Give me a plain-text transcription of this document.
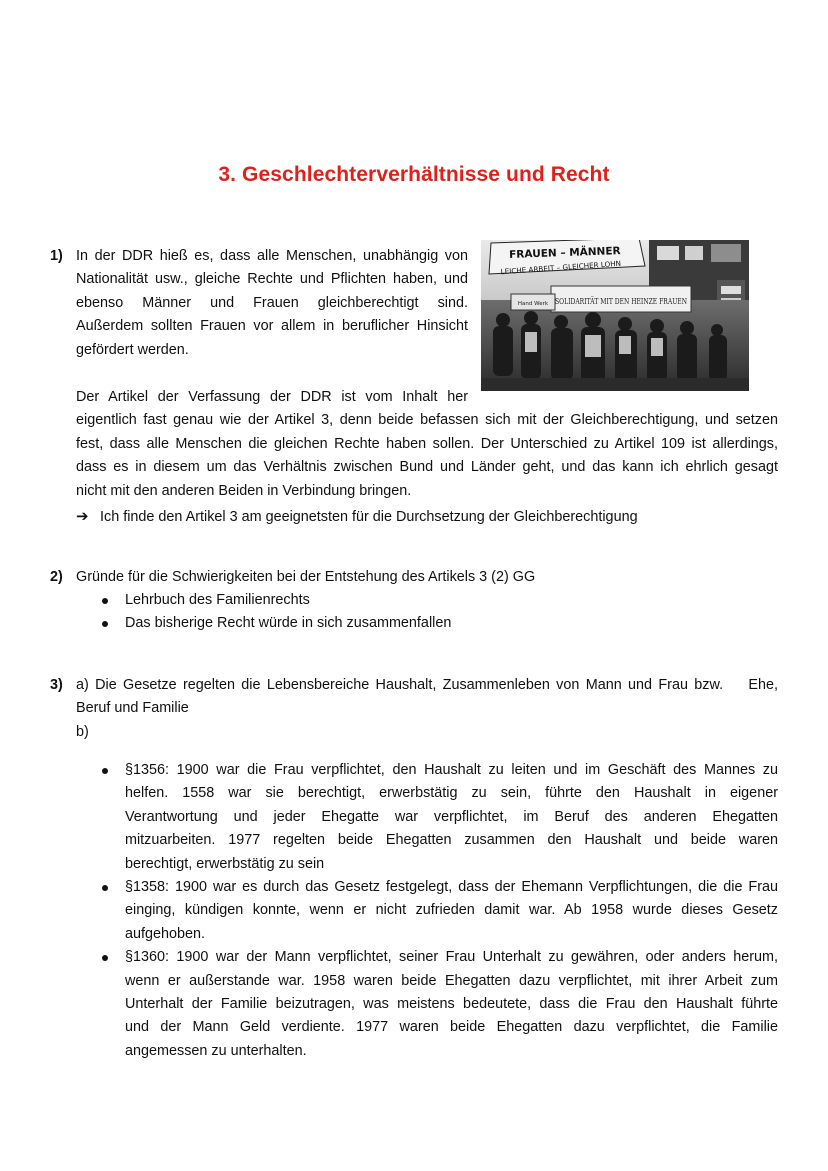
3. Geschlechterverhältnisse und Recht
1) In der DDR hieß es, dass alle Menschen, unabhängig von
Nationalität usw., gleiche Rechte und Pflichten haben, und
ebenso Männer und Frauen gleichberechtigt sind.
Außerdem sollten Frauen vor allem in beruflicher Hinsicht
gefördert werden.
FRAUEN – MÄNNER
LEICHE ARBEIT – GLEICHER LOHN
SOLIDARITÄT MIT DEN HEINZE FRAUEN
Hand Werk
Der Artikel der Verfassung der DDR ist vom Inhalt her
eigentlich fast genau wie der Artikel 3, denn beide befassen sich mit der Gleichberechtigung, und setzen
fest, dass alle Menschen die gleichen Rechte haben sollen. Der Unterschied zu Artikel 109 ist allerdings,
dass es in diesem um das Verhältnis zwischen Bund und Länder geht, und das kann ich ehrlich gesagt
nicht mit den anderen Beiden in Verbindung bringen.
➔ Ich finde den Artikel 3 am geeignetsten für die Durchsetzung der Gleichberechtigung
2) Gründe für die Schwierigkeiten bei der Entstehung des Artikels 3 (2) GG
Lehrbuch des Familienrechts
Das bisherige Recht würde in sich zusammenfallen
3) a) Die Gesetze regelten die Lebensbereiche Haushalt, Zusammenleben von Mann und Frau bzw.    Ehe,
Beruf und Familie
b)
§1356: 1900 war die Frau verpflichtet, den Haushalt zu leiten und im Geschäft des Mannes zu
helfen. 1558 war sie berechtigt, erwerbstätig zu sein, führte den Haushalt in eigener
Verantwortung und jeder Ehegatte war verpflichtet, im Beruf des anderen Ehegatten
mitzuarbeiten. 1977 regelten beide Ehegatten zusammen den Haushalt und beide waren
berechtigt, erwerbstätig zu sein
§1358: 1900 war es durch das Gesetz festgelegt, dass der Ehemann Verpflichtungen, die die Frau
einging, kündigen konnte, wenn er nicht zufrieden damit war. Ab 1958 wurde dieses Gesetz
aufgehoben.
§1360: 1900 war der Mann verpflichtet, seiner Frau Unterhalt zu gewähren, oder anders herum,
wenn er außerstande war. 1958 waren beide Ehegatten dazu verpflichtet, mit ihrer Arbeit zum
Unterhalt der Familie beizutragen, was meistens bedeutete, dass die Frau den Haushalt führte
und der Mann Geld verdiente. 1977 waren beide Ehegatten dazu verpflichtet, die Familie
angemessen zu unterhalten.
